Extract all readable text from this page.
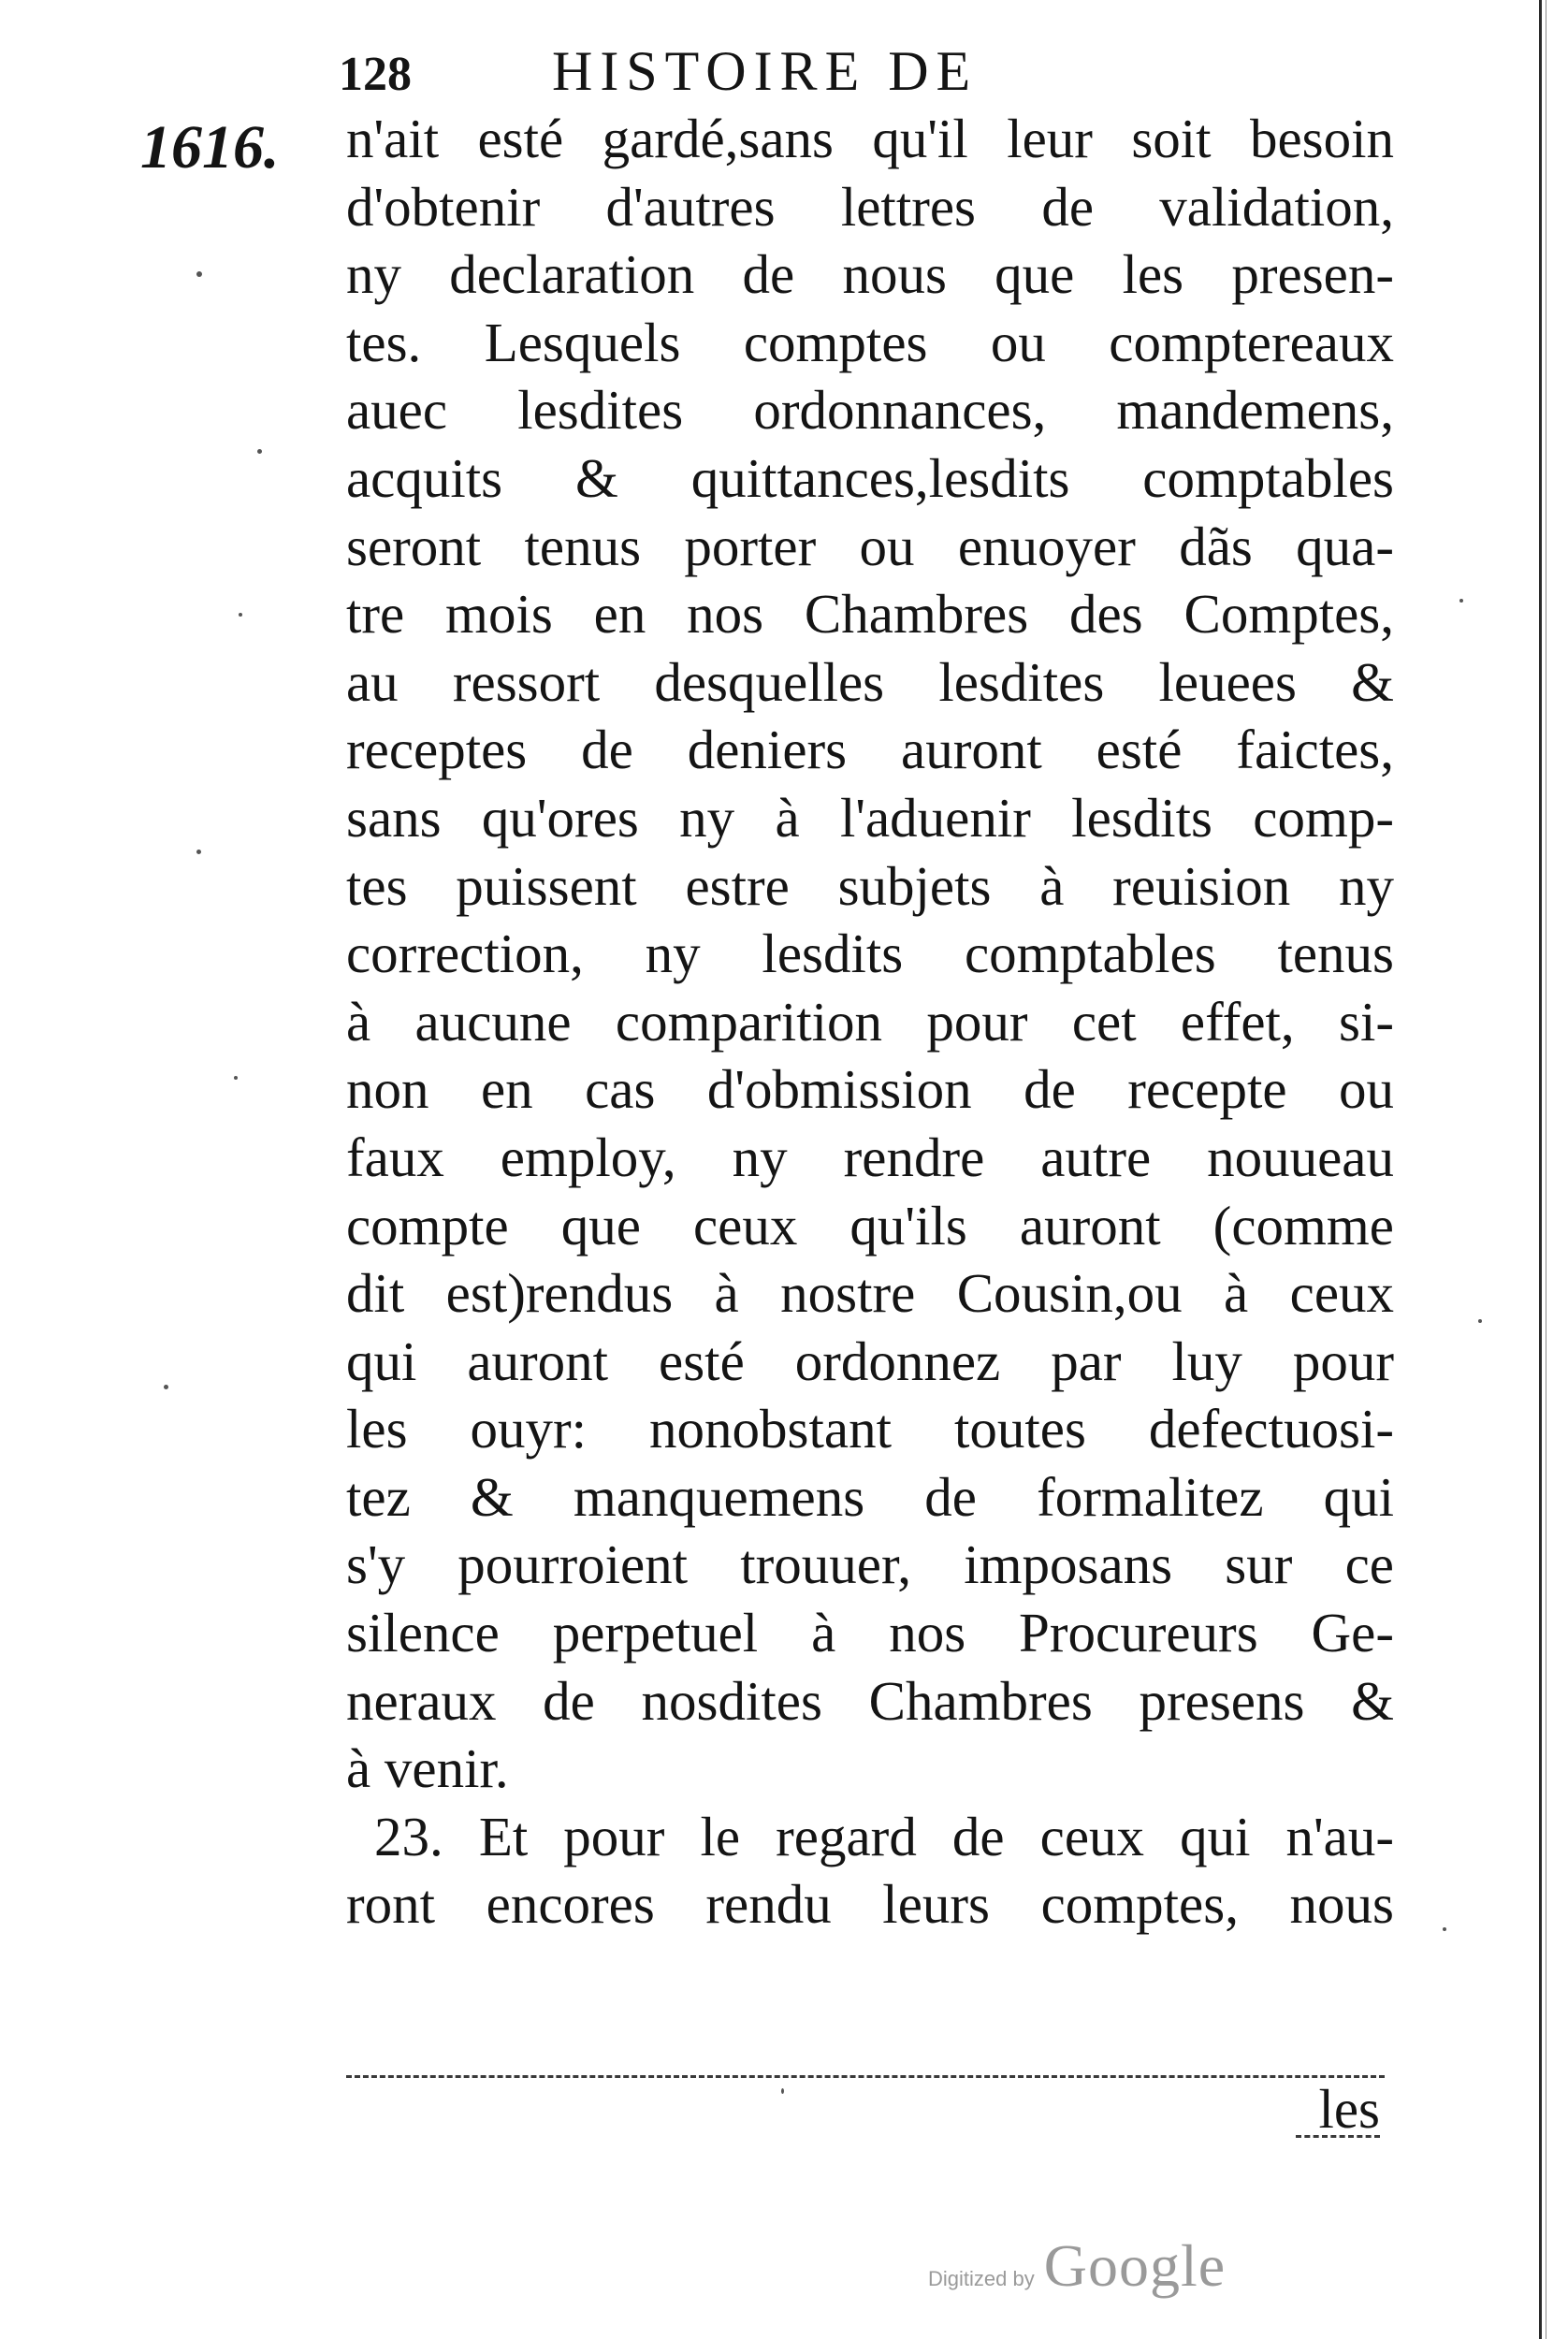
128	HISTOIRE DE
1616. n'ait esté gardé,sans qu'il leur soit besoin
d'obtenir d'autres lettres de validation,
ny declaration de nous que les presen-
tes. Lesquels comptes ou comptereaux
auec lesdites ordonnances, mandemens,
acquits & quittances,lesdits comptables
seront tenus porter ou enuoyer dãs qua-
tre mois en nos Chambres des Comptes,
au ressort desquelles lesdites leuees &
receptes de deniers auront esté faictes,
sans qu'ores ny à l'aduenir lesdits comp-
tes puissent estre subjets à reuision ny
correction, ny lesdits comptables tenus
à aucune comparition pour cet effet, si-
non en cas d'obmission de recepte ou
faux employ, ny rendre autre nouueau
compte que ceux qu'ils auront (comme
dit est)rendus à nostre Cousin,ou à ceux
qui auront esté ordonnez par luy pour
les ouyr: nonobstant toutes defectuosi-
tez & manquemens de formalitez qui
s'y pourroient trouuer, imposans sur ce
silence perpetuel à nos Procureurs Ge-
neraux de nosdites Chambres presens &
à venir.
23. Et pour le regard de ceux qui n'au-
ront encores rendu leurs comptes, nous
les
Digitized by Google
